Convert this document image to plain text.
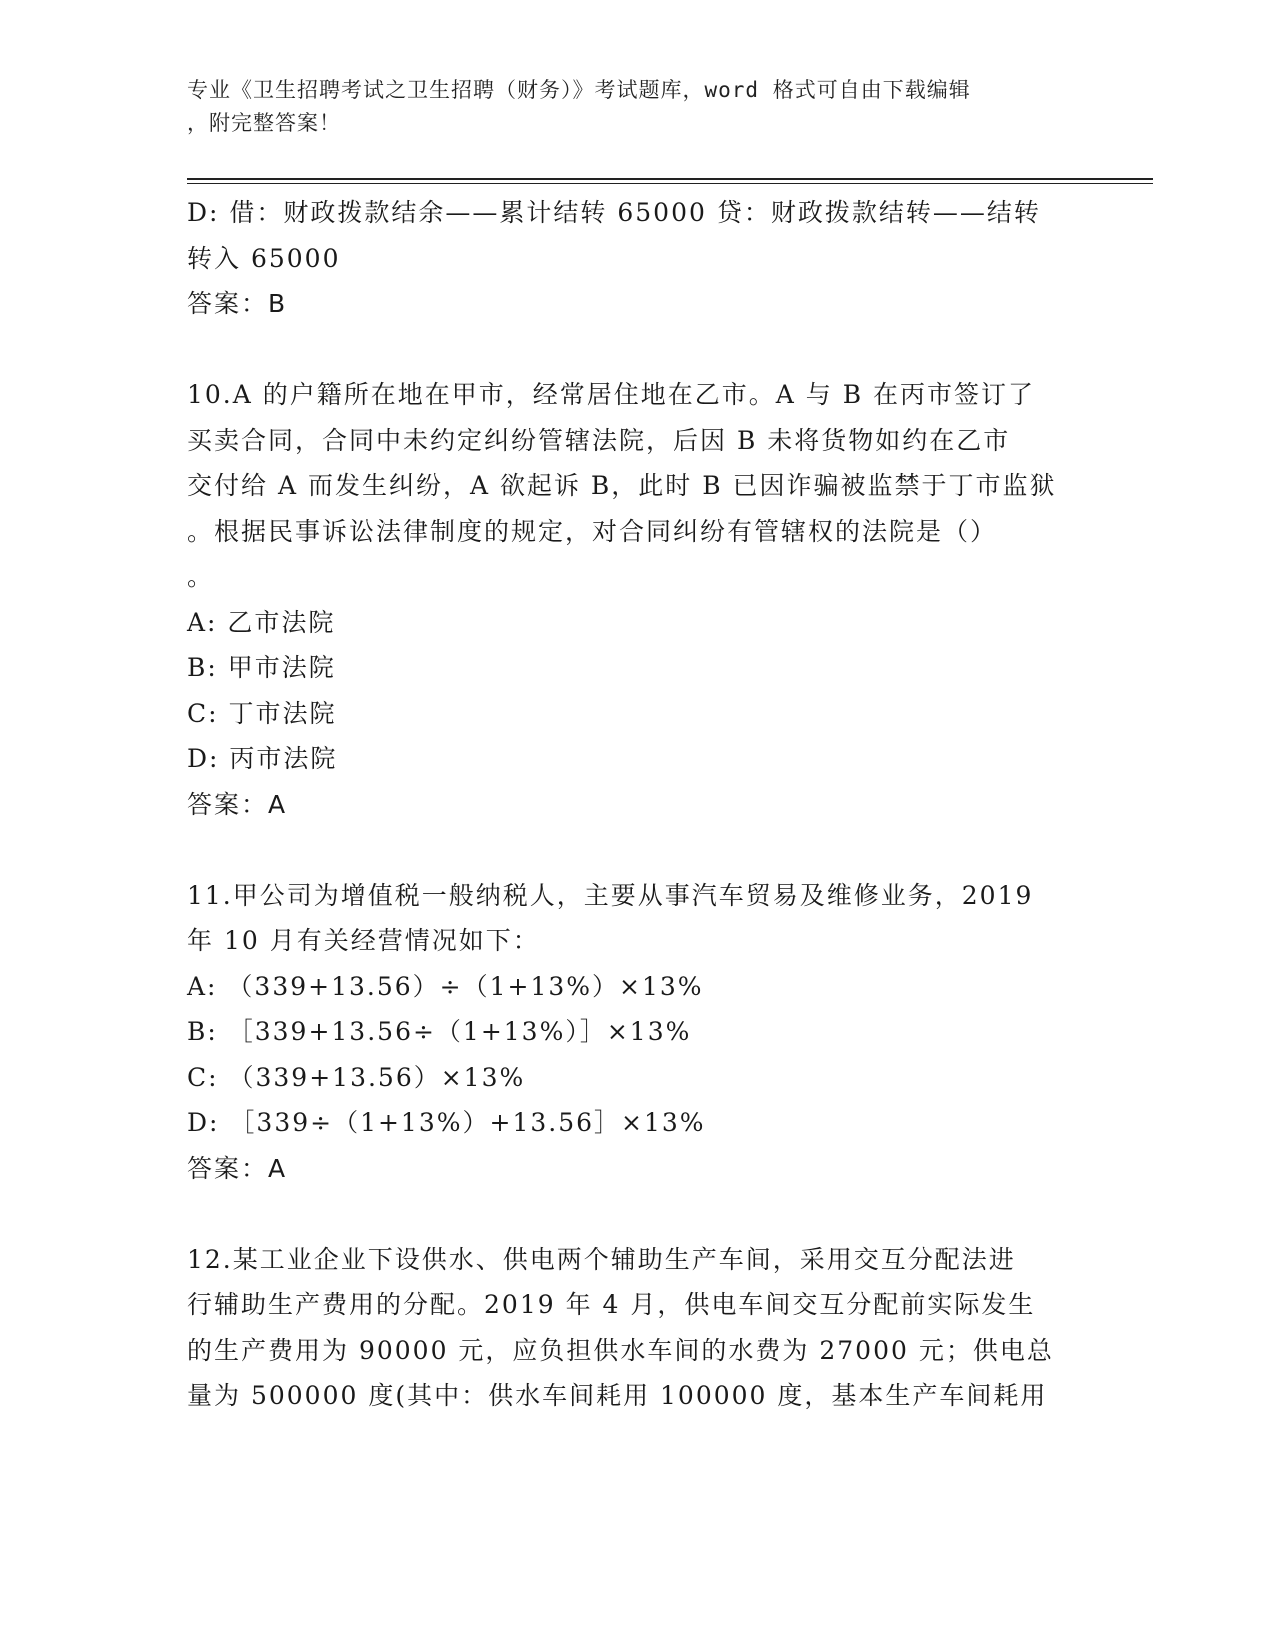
专业《卫生招聘考试之卫生招聘（财务）》考试题库，word 格式可自由下载编辑
，附完整答案！
D: 借：财政拨款结余——累计结转 65000 贷：财政拨款结转——结转
转入 65000
答案：B
10.A 的户籍所在地在甲市，经常居住地在乙市。A 与 B 在丙市签订了
买卖合同，合同中未约定纠纷管辖法院，后因 B 未将货物如约在乙市
交付给 A 而发生纠纷，A 欲起诉 B，此时 B 已因诈骗被监禁于丁市监狱
。根据民事诉讼法律制度的规定，对合同纠纷有管辖权的法院是（）
。
A: 乙市法院
B: 甲市法院
C: 丁市法院
D: 丙市法院
答案：A
11.甲公司为增值税一般纳税人，主要从事汽车贸易及维修业务，2019
年 10 月有关经营情况如下：
A: （339+13.56）÷（1+13%）×13%
B: ［339+13.56÷（1+13%）］×13%
C: （339+13.56）×13%
D: ［339÷（1+13%）+13.56］×13%
答案：A
12.某工业企业下设供水、供电两个辅助生产车间，采用交互分配法进
行辅助生产费用的分配。2019 年 4 月，供电车间交互分配前实际发生
的生产费用为 90000 元，应负担供水车间的水费为 27000 元；供电总
量为 500000 度(其中：供水车间耗用 100000 度，基本生产车间耗用
